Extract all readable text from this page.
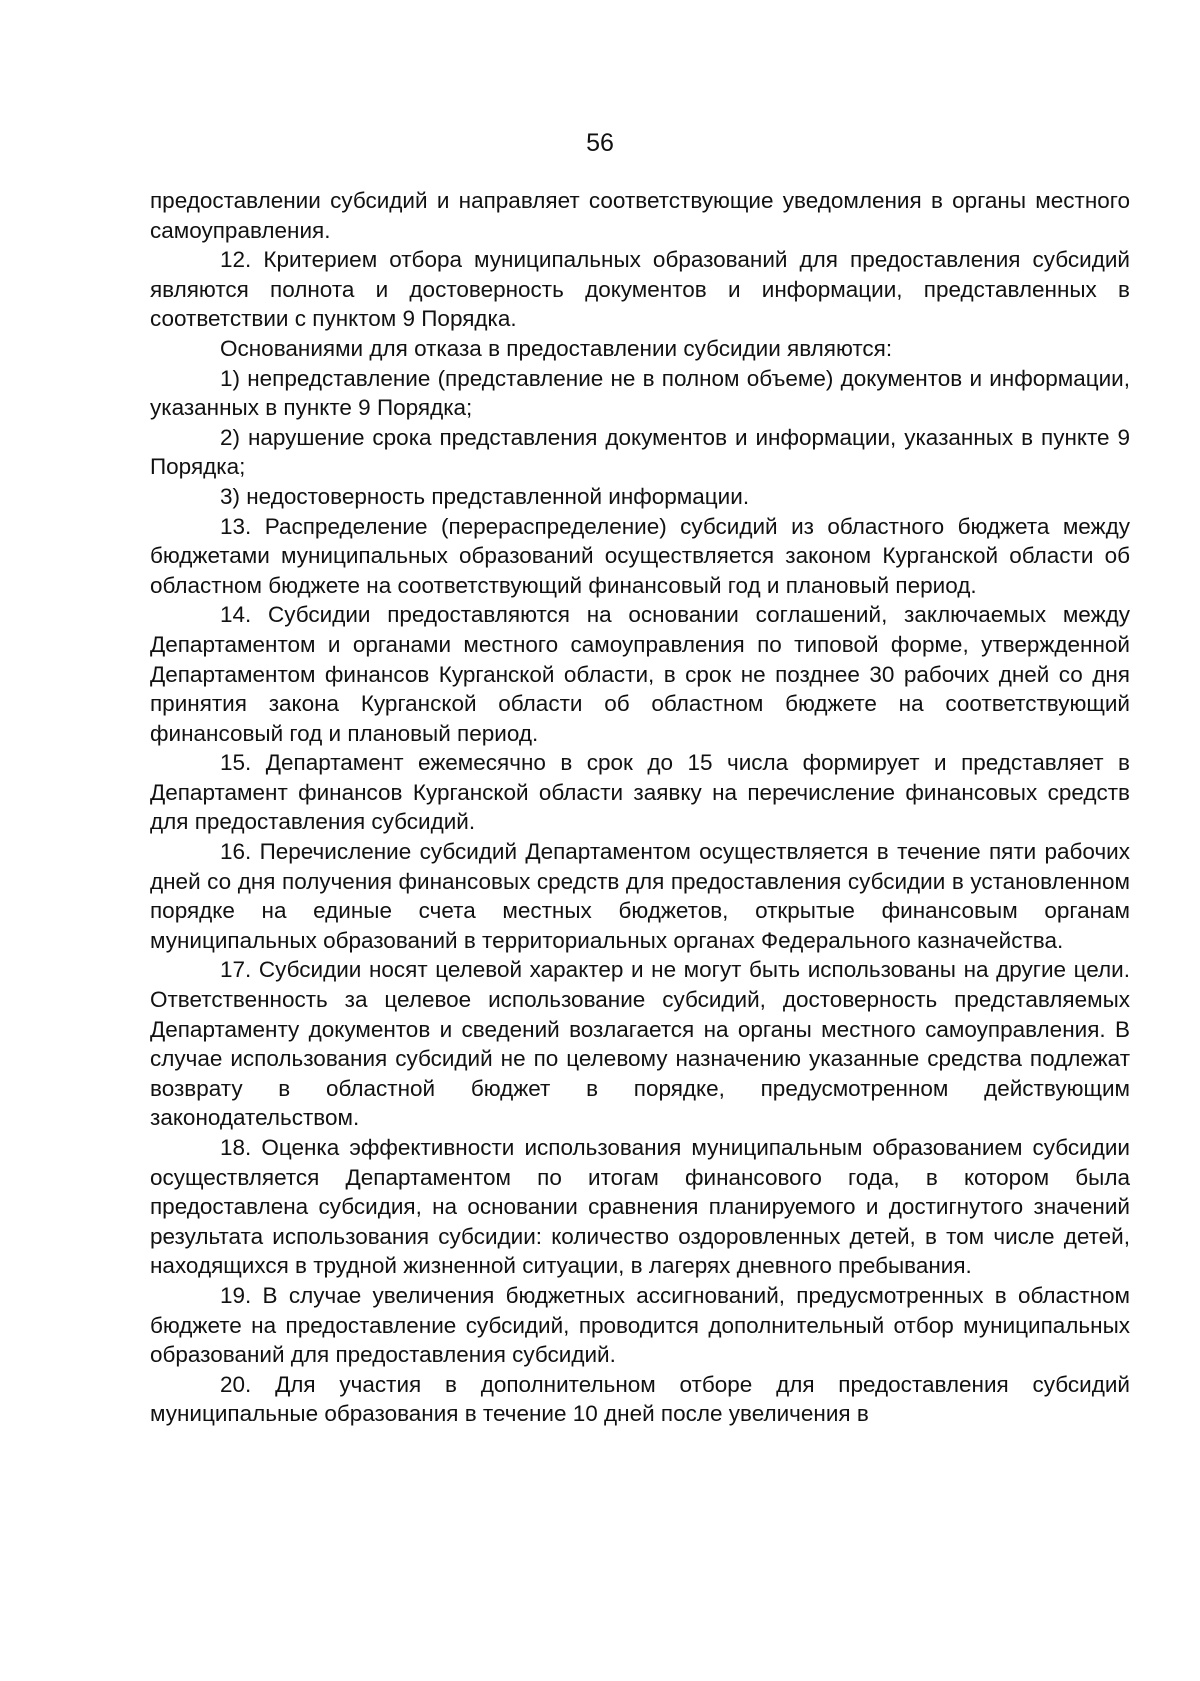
56

предоставлении субсидий и направляет соответствующие уведомления в органы местного самоуправления.

12. Критерием отбора муниципальных образований для предоставления субсидий являются полнота и достоверность документов и информации, представленных в соответствии с пунктом 9 Порядка.

Основаниями для отказа в предоставлении субсидии являются:

1) непредставление (представление не в полном объеме) документов и информации, указанных в пункте 9 Порядка;

2) нарушение срока представления документов и информации, указанных в пункте 9 Порядка;

3) недостоверность представленной информации.

13. Распределение (перераспределение) субсидий из областного бюджета между бюджетами муниципальных образований осуществляется законом Курганской области об областном бюджете на соответствующий финансовый год и плановый период.

14. Субсидии предоставляются на основании соглашений, заключаемых между Департаментом и органами местного самоуправления по типовой форме, утвержденной Департаментом финансов Курганской области, в срок не позднее 30 рабочих дней со дня принятия закона Курганской области об областном бюджете на соответствующий финансовый год и плановый период.

15. Департамент ежемесячно в срок до 15 числа формирует и представляет в Департамент финансов Курганской области заявку на перечисление финансовых средств для предоставления субсидий.

16. Перечисление субсидий Департаментом осуществляется в течение пяти рабочих дней со дня получения финансовых средств для предоставления субсидии в установленном порядке на единые счета местных бюджетов, открытые финансовым органам муниципальных образований в территориальных органах Федерального казначейства.

17. Субсидии носят целевой характер и не могут быть использованы на другие цели. Ответственность за целевое использование субсидий, достоверность представляемых Департаменту документов и сведений возлагается на органы местного самоуправления. В случае использования субсидий не по целевому назначению указанные средства подлежат возврату в областной бюджет в порядке, предусмотренном действующим законодательством.

18. Оценка эффективности использования муниципальным образованием субсидии осуществляется Департаментом по итогам финансового года, в котором была предоставлена субсидия, на основании сравнения планируемого и достигнутого значений результата использования субсидии: количество оздоровленных детей, в том числе детей, находящихся в трудной жизненной ситуации, в лагерях дневного пребывания.

19. В случае увеличения бюджетных ассигнований, предусмотренных в областном бюджете на предоставление субсидий, проводится дополнительный отбор муниципальных образований для предоставления субсидий.

20. Для участия в дополнительном отборе для предоставления субсидий муниципальные образования в течение 10 дней после увеличения в
